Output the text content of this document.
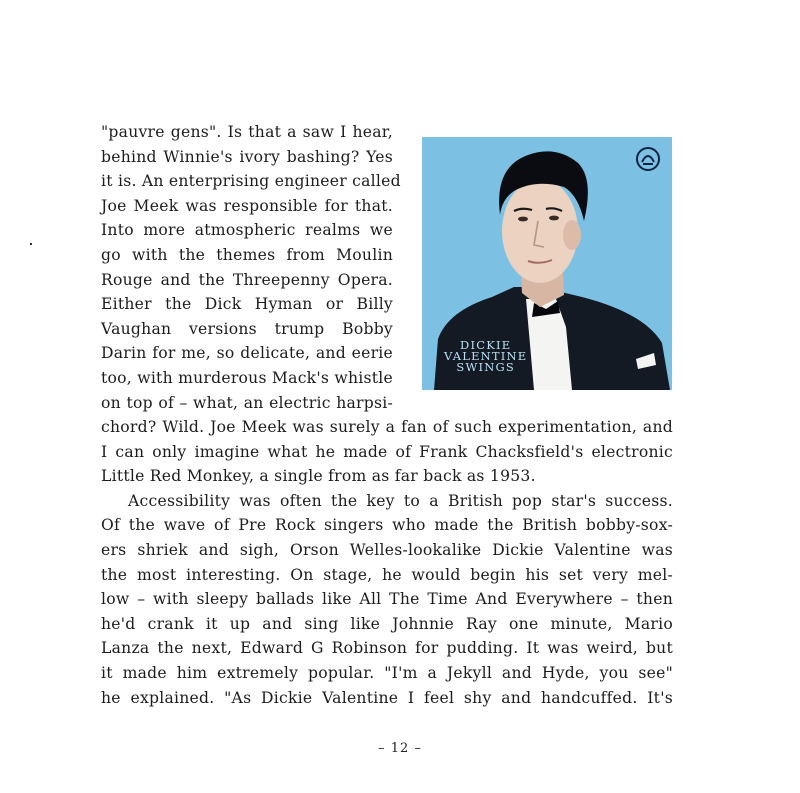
"pauvre gens". Is that a saw I hear,
behind Winnie's ivory bashing? Yes
it is. An enterprising engineer called
Joe Meek was responsible for that.
Into more atmospheric realms we
go with the themes from Moulin
Rouge and the Threepenny Opera.
Either the Dick Hyman or Billy
Vaughan versions trump Bobby
Darin for me, so delicate, and eerie
too, with murderous Mack's whistle
on top of – what, an electric harpsi-
DICKIE
VALENTINE
SWINGS
chord? Wild. Joe Meek was surely a fan of such experimentation, and
I can only imagine what he made of Frank Chacksfield's electronic
Little Red Monkey, a single from as far back as 1953.
Accessibility was often the key to a British pop star's success.
Of the wave of Pre Rock singers who made the British bobby-sox-
ers shriek and sigh, Orson Welles-lookalike Dickie Valentine was
the most interesting. On stage, he would begin his set very mel-
low – with sleepy ballads like All The Time And Everywhere – then
he'd crank it up and sing like Johnnie Ray one minute, Mario
Lanza the next, Edward G Robinson for pudding. It was weird, but
it made him extremely popular. "I'm a Jekyll and Hyde, you see"
he explained. "As Dickie Valentine I feel shy and handcuffed. It's
– 12 –
